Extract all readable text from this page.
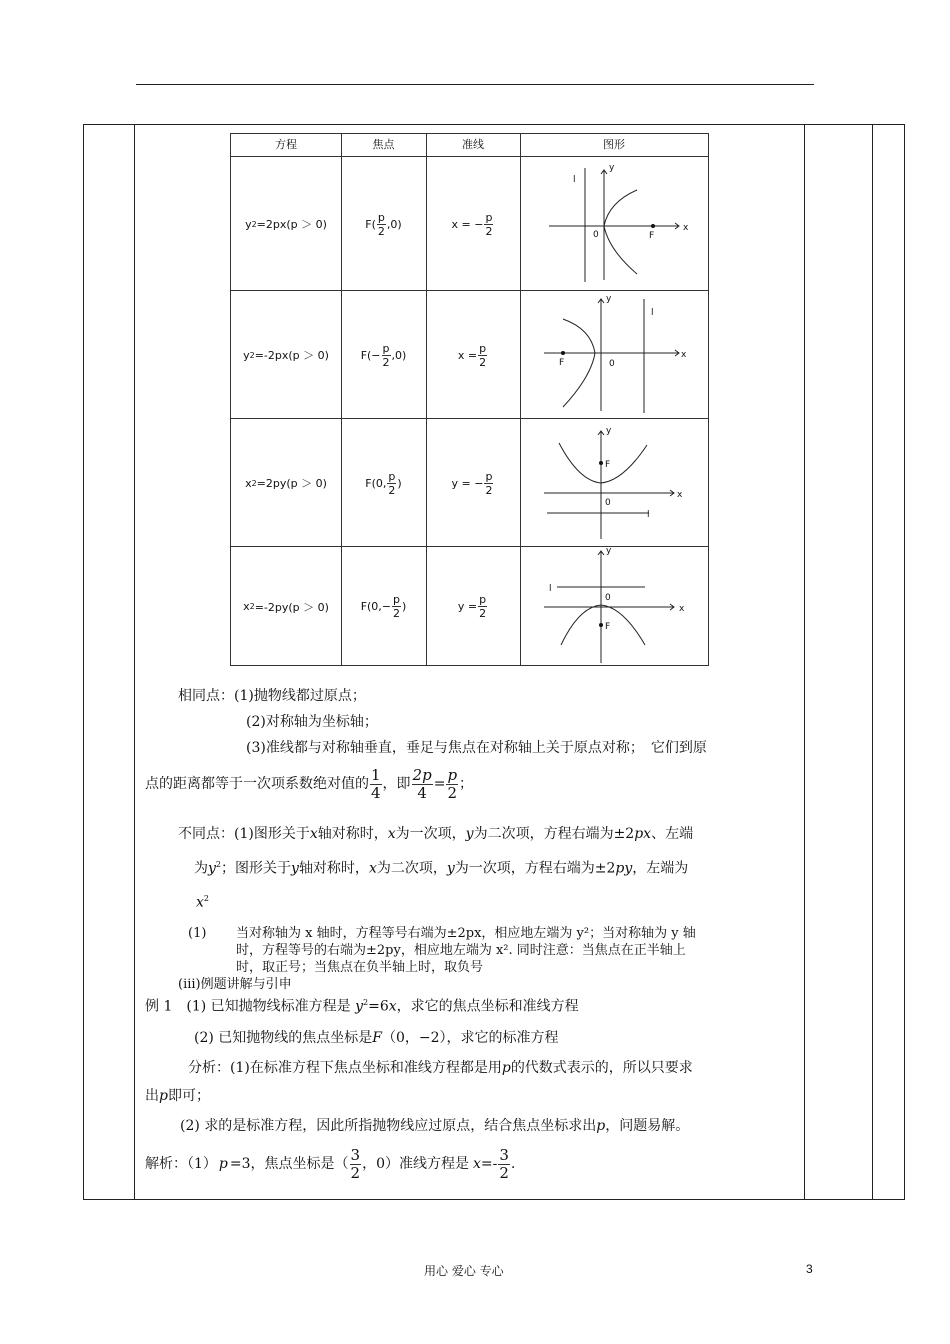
方程	焦点	准线	图形
y 2 =2px(p ＞ 0)	$F( \frac{p}{2} ,0)$	x = − $\frac{p}{2}$
y
x
0	F
l
y 2 =-2px(p ＞ 0)	$F(- \frac{p}{2} ,0)$	$x = \frac{p}{2}$
y
x
0
F
l
x 2 =2py(p ＞ 0)	F(0, $\frac{p}{2}$ )	y = − $\frac{p}{2}$
y
x
0
F
l
x 2 =-2py(p ＞ 0)	$F(0,- \frac{p}{2}$ )	$y = \frac{p}{2}$
y
x
0
F
l
相同点：(1)抛物线都过原点；
(2)对称轴为坐标轴；
(3)准线都与对称轴垂直，垂足与焦点在对称轴上关于原点对称；　它们到原
点的距离都等于一次项系数绝对值的 $\frac{1}{4}$ ，即 $\frac{2p}{4} = \frac{p}{2}$ ；
不同点：(1)图形关于x轴对称时，x为一次项，y为二次项，方程右端为±2px、左端
为$y^2$；图形关于y轴对称时，x为二次项，y为一次项，方程右端为±2py，左端为
$x^2$
(1) 当对称轴为 x 轴时，方程等号右端为±2px，相应地左端为 y²；当对称轴为 y 轴
时，方程等号的右端为±2py，相应地左端为 x². 同时注意：当焦点在正半轴上
时，取正号；当焦点在负半轴上时，取负号
(iii)例题讲解与引申
例 1　(1) 已知抛物线标准方程是 $y^2=6x$，求它的焦点坐标和准线方程
(2) 已知抛物线的焦点坐标是F（0，−2），求它的标准方程
分析：(1)在标准方程下焦点坐标和准线方程都是用p的代数式表示的，所以只要求
出p即可；
(2) 求的是标准方程，因此所指抛物线应过原点，结合焦点坐标求出p，问题易解。
解析：（1） p =3，焦点坐标是（ $\frac{3}{2}$ ，0）准线方程是 $x =- \frac{3}{2}$ .
用心 爱心 专心	3
